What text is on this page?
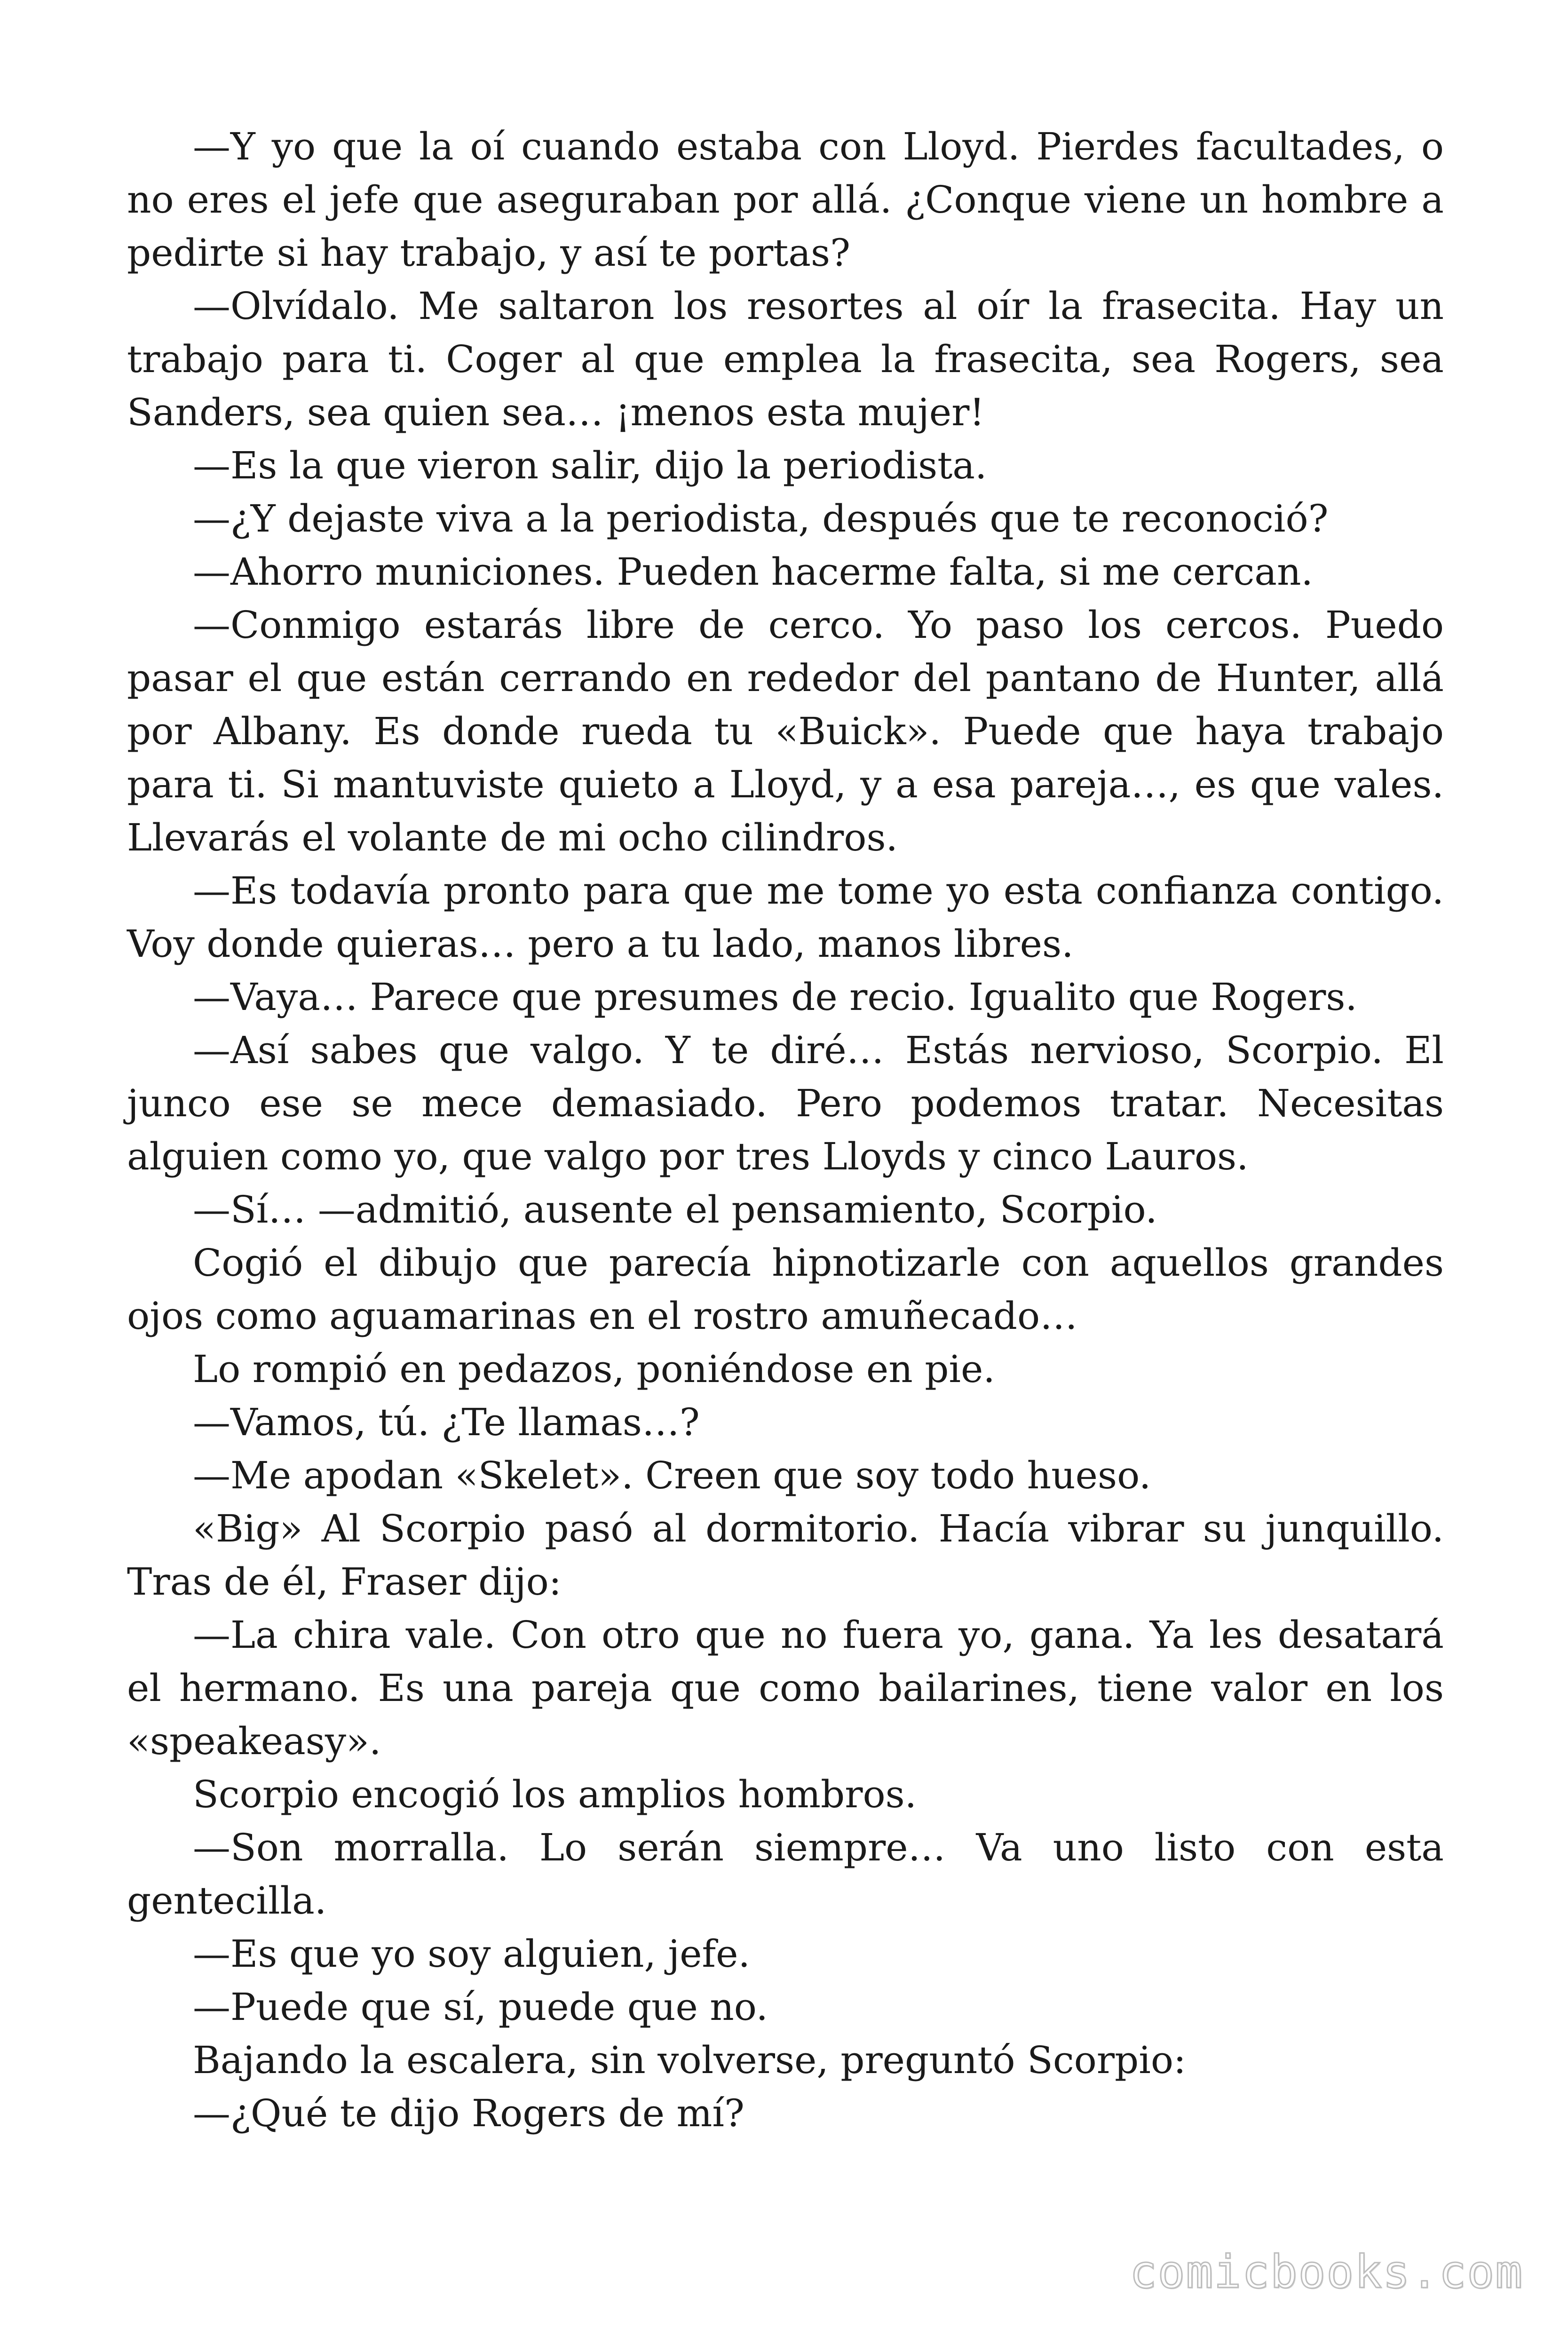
—Y yo que la oí cuando estaba con Lloyd. Pierdes facultades, o no eres el jefe que aseguraban por allá. ¿Conque viene un hombre a pedirte si hay trabajo, y así te portas?

—Olvídalo. Me saltaron los resortes al oír la frasecita. Hay un trabajo para ti. Coger al que emplea la frasecita, sea Rogers, sea Sanders, sea quien sea… ¡menos esta mujer!

—Es la que vieron salir, dijo la periodista.

—¿Y dejaste viva a la periodista, después que te reconoció?

—Ahorro municiones. Pueden hacerme falta, si me cercan.

—Conmigo estarás libre de cerco. Yo paso los cercos. Puedo pasar el que están cerrando en rededor del pantano de Hunter, allá por Albany. Es donde rueda tu «Buick». Puede que haya trabajo para ti. Si mantuviste quieto a Lloyd, y a esa pareja…, es que vales. Llevarás el volante de mi ocho cilindros.

—Es todavía pronto para que me tome yo esta confianza contigo. Voy donde quieras… pero a tu lado, manos libres.

—Vaya… Parece que presumes de recio. Igualito que Rogers.

—Así sabes que valgo. Y te diré… Estás nervioso, Scorpio. El junco ese se mece demasiado. Pero podemos tratar. Necesitas alguien como yo, que valgo por tres Lloyds y cinco Lauros.

—Sí… —admitió, ausente el pensamiento, Scorpio.

Cogió el dibujo que parecía hipnotizarle con aquellos grandes ojos como aguamarinas en el rostro amuñecado…

Lo rompió en pedazos, poniéndose en pie.

—Vamos, tú. ¿Te llamas…?

—Me apodan «Skelet». Creen que soy todo hueso.

«Big» Al Scorpio pasó al dormitorio. Hacía vibrar su junquillo. Tras de él, Fraser dijo:

—La chira vale. Con otro que no fuera yo, gana. Ya les desatará el hermano. Es una pareja que como bailarines, tiene valor en los «speakeasy».

Scorpio encogió los amplios hombros.

—Son morralla. Lo serán siempre… Va uno listo con esta gentecilla.

—Es que yo soy alguien, jefe.

—Puede que sí, puede que no.

Bajando la escalera, sin volverse, preguntó Scorpio:

—¿Qué te dijo Rogers de mí?

comicbooks.com
